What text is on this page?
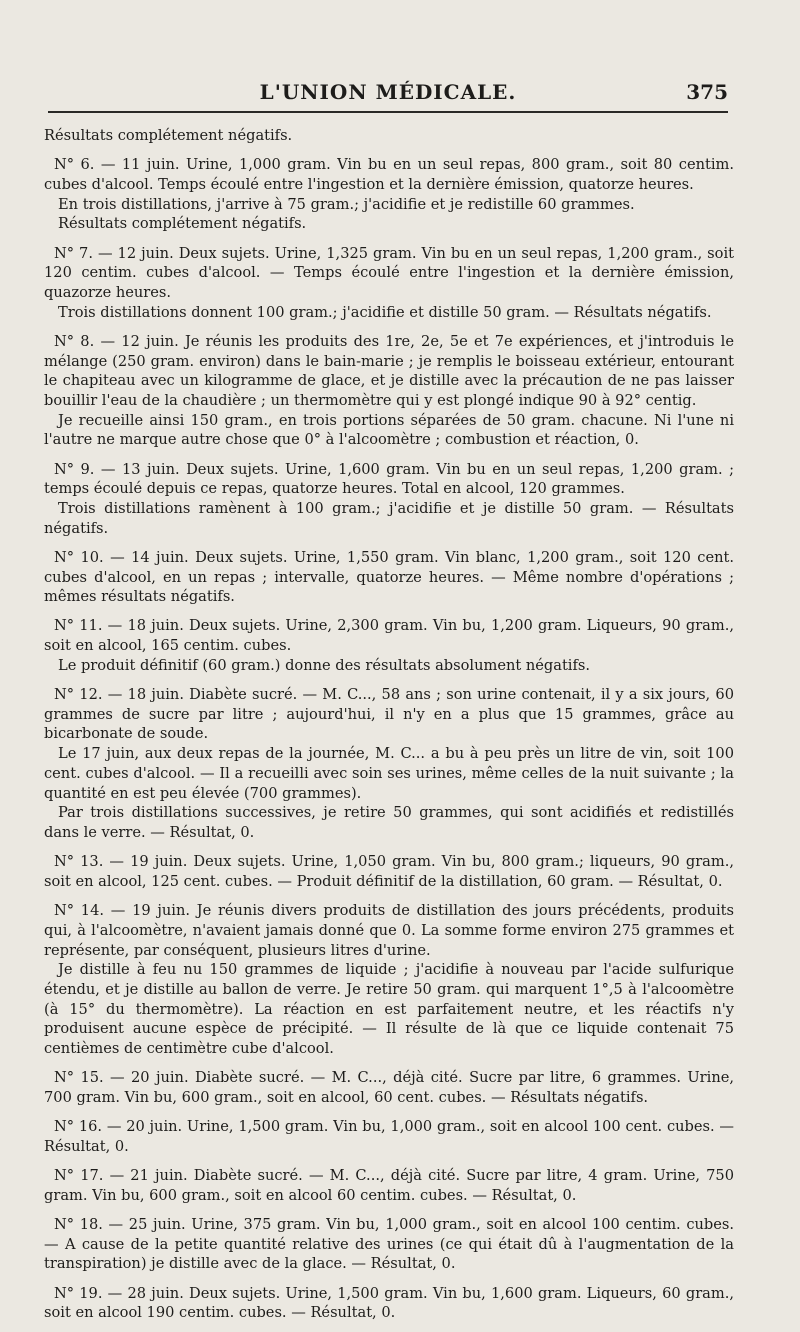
L'UNION MÉDICALE.	375

Résultats complétement négatifs.

N° 6. — 11 juin. Urine, 1,000 gram. Vin bu en un seul repas, 800 gram., soit 80 centim. cubes d'alcool. Temps écoulé entre l'ingestion et la dernière émission, quatorze heures.

En trois distillations, j'arrive à 75 gram.; j'acidifie et je redistille 60 grammes.

Résultats complétement négatifs.

N° 7. — 12 juin. Deux sujets. Urine, 1,325 gram. Vin bu en un seul repas, 1,200 gram., soit 120 centim. cubes d'alcool. — Temps écoulé entre l'ingestion et la dernière émission, quazorze heures.

Trois distillations donnent 100 gram.; j'acidifie et distille 50 gram. — Résultats négatifs.

N° 8. — 12 juin. Je réunis les produits des 1re, 2e, 5e et 7e expériences, et j'introduis le mélange (250 gram. environ) dans le bain-marie ; je remplis le boisseau extérieur, entourant le chapiteau avec un kilogramme de glace, et je distille avec la précaution de ne pas laisser bouillir l'eau de la chaudière ; un thermomètre qui y est plongé indique 90 à 92° centig.

Je recueille ainsi 150 gram., en trois portions séparées de 50 gram. chacune. Ni l'une ni l'autre ne marque autre chose que 0° à l'alcoomètre ; combustion et réaction, 0.

N° 9. — 13 juin. Deux sujets. Urine, 1,600 gram. Vin bu en un seul repas, 1,200 gram. ; temps écoulé depuis ce repas, quatorze heures. Total en alcool, 120 grammes.

Trois distillations ramènent à 100 gram.; j'acidifie et je distille 50 gram. — Résultats négatifs.

N° 10. — 14 juin. Deux sujets. Urine, 1,550 gram. Vin blanc, 1,200 gram., soit 120 cent. cubes d'alcool, en un repas ; intervalle, quatorze heures. — Même nombre d'opérations ; mêmes résultats négatifs.

N° 11. — 18 juin. Deux sujets. Urine, 2,300 gram. Vin bu, 1,200 gram. Liqueurs, 90 gram., soit en alcool, 165 centim. cubes.

Le produit définitif (60 gram.) donne des résultats absolument négatifs.

N° 12. — 18 juin. Diabète sucré. — M. C..., 58 ans ; son urine contenait, il y a six jours, 60 grammes de sucre par litre ; aujourd'hui, il n'y en a plus que 15 grammes, grâce au bicarbonate de soude.

Le 17 juin, aux deux repas de la journée, M. C... a bu à peu près un litre de vin, soit 100 cent. cubes d'alcool. — Il a recueilli avec soin ses urines, même celles de la nuit suivante ; la quantité en est peu élevée (700 grammes).

Par trois distillations successives, je retire 50 grammes, qui sont acidifiés et redistillés dans le verre. — Résultat, 0.

N° 13. — 19 juin. Deux sujets. Urine, 1,050 gram. Vin bu, 800 gram.; liqueurs, 90 gram., soit en alcool, 125 cent. cubes. — Produit définitif de la distillation, 60 gram. — Résultat, 0.

N° 14. — 19 juin. Je réunis divers produits de distillation des jours précédents, produits qui, à l'alcoomètre, n'avaient jamais donné que 0. La somme forme environ 275 grammes et représente, par conséquent, plusieurs litres d'urine.

Je distille à feu nu 150 grammes de liquide ; j'acidifie à nouveau par l'acide sulfurique étendu, et je distille au ballon de verre. Je retire 50 gram. qui marquent 1°,5 à l'alcoomètre (à 15° du thermomètre). La réaction en est parfaitement neutre, et les réactifs n'y produisent aucune espèce de précipité. — Il résulte de là que ce liquide contenait 75 centièmes de centimètre cube d'alcool.

N° 15. — 20 juin. Diabète sucré. — M. C..., déjà cité. Sucre par litre, 6 grammes. Urine, 700 gram. Vin bu, 600 gram., soit en alcool, 60 cent. cubes. — Résultats négatifs.

N° 16. — 20 juin. Urine, 1,500 gram. Vin bu, 1,000 gram., soit en alcool 100 cent. cubes. — Résultat, 0.

N° 17. — 21 juin. Diabète sucré. — M. C..., déjà cité. Sucre par litre, 4 gram. Urine, 750 gram. Vin bu, 600 gram., soit en alcool 60 centim. cubes. — Résultat, 0.

N° 18. — 25 juin. Urine, 375 gram. Vin bu, 1,000 gram., soit en alcool 100 centim. cubes. — A cause de la petite quantité relative des urines (ce qui était dû à l'augmentation de la transpiration) je distille avec de la glace. — Résultat, 0.

N° 19. — 28 juin. Deux sujets. Urine, 1,500 gram. Vin bu, 1,600 gram. Liqueurs, 60 gram., soit en alcool 190 centim. cubes. — Résultat, 0.
